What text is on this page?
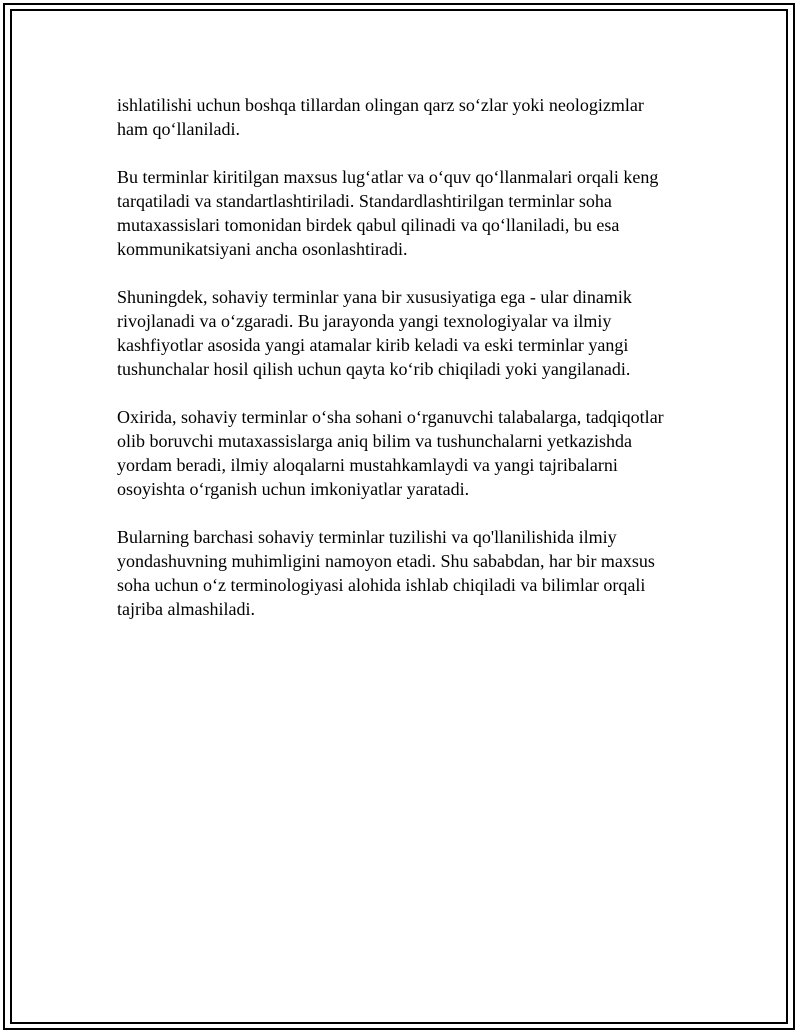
ishlatilishi uchun boshqa tillardan olingan qarz so‘zlar yoki neologizmlar
ham qo‘llaniladi.

Bu terminlar kiritilgan maxsus lug‘atlar va o‘quv qo‘llanmalari orqali keng
tarqatiladi va standartlashtiriladi. Standardlashtirilgan terminlar soha
mutaxassislari tomonidan birdek qabul qilinadi va qo‘llaniladi, bu esa
kommunikatsiyani ancha osonlashtiradi.

Shuningdek, sohaviy terminlar yana bir xususiyatiga ega - ular dinamik
rivojlanadi va o‘zgaradi. Bu jarayonda yangi texnologiyalar va ilmiy
kashfiyotlar asosida yangi atamalar kirib keladi va eski terminlar yangi
tushunchalar hosil qilish uchun qayta ko‘rib chiqiladi yoki yangilanadi.

Oxirida, sohaviy terminlar o‘sha sohani o‘rganuvchi talabalarga, tadqiqotlar
olib boruvchi mutaxassislarga aniq bilim va tushunchalarni yetkazishda
yordam beradi, ilmiy aloqalarni mustahkamlaydi va yangi tajribalarni
osoyishta o‘rganish uchun imkoniyatlar yaratadi.

Bularning barchasi sohaviy terminlar tuzilishi va qo'llanilishida ilmiy
yondashuvning muhimligini namoyon etadi. Shu sababdan, har bir maxsus
soha uchun o‘z terminologiyasi alohida ishlab chiqiladi va bilimlar orqali
tajriba almashiladi.
